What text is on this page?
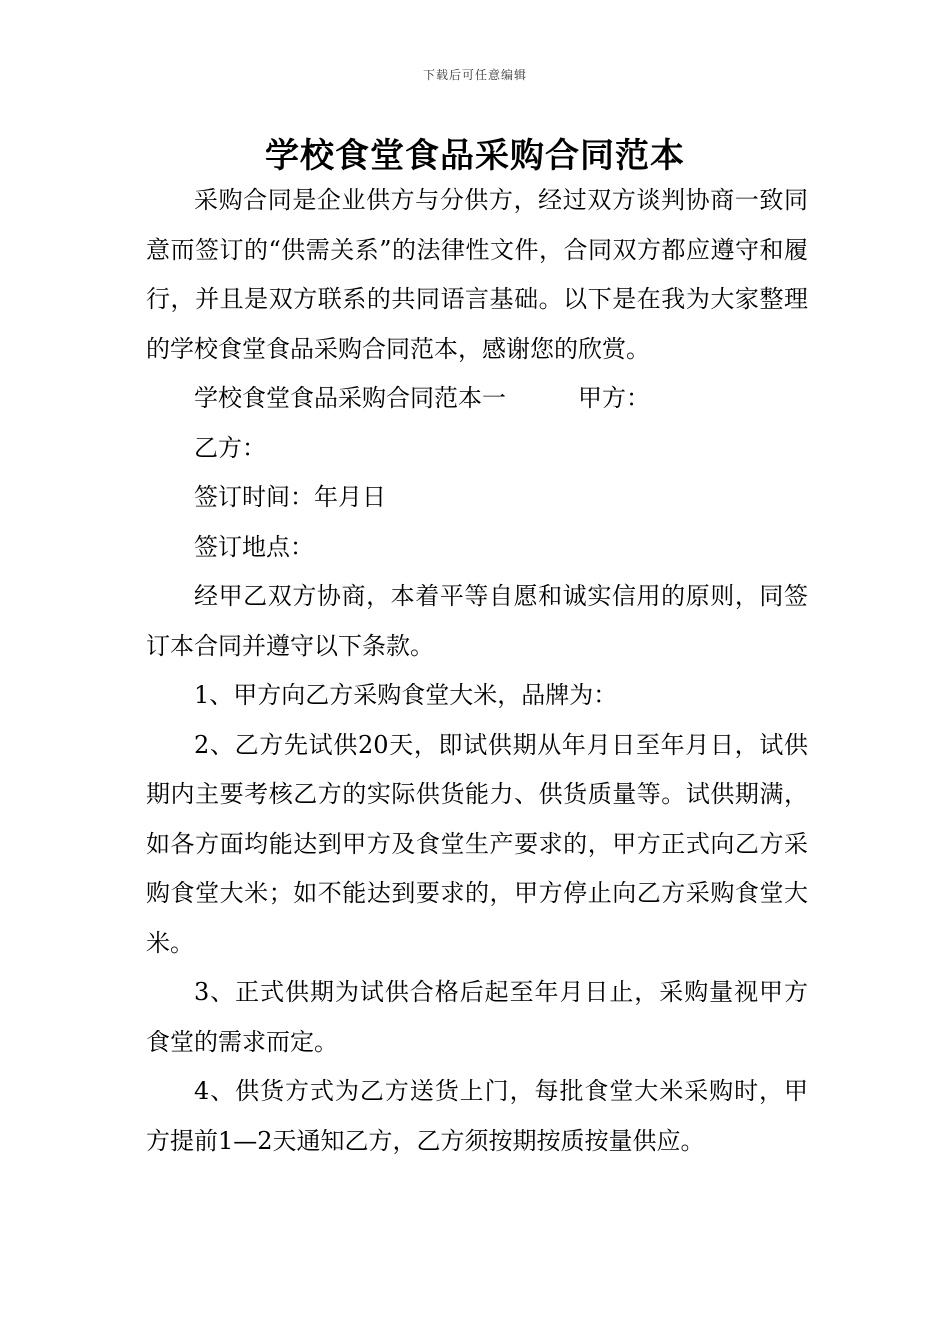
下载后可任意编辑
学校食堂食品采购合同范本

采购合同是企业供方与分供方，经过双方谈判协商一致同意而签订的“供需关系”的法律性文件，合同双方都应遵守和履行，并且是双方联系的共同语言基础。以下是在我为大家整理的学校食堂食品采购合同范本，感谢您的欣赏。

学校食堂食品采购合同范本一	甲方：

乙方：

签订时间：年月日

签订地点：

经甲乙双方协商，本着平等自愿和诚实信用的原则，同签订本合同并遵守以下条款。

1、甲方向乙方采购食堂大米，品牌为：

2、乙方先试供20天，即试供期从年月日至年月日，试供期内主要考核乙方的实际供货能力、供货质量等。试供期满，如各方面均能达到甲方及食堂生产要求的，甲方正式向乙方采购食堂大米；如不能达到要求的，甲方停止向乙方采购食堂大米。

3、正式供期为试供合格后起至年月日止，采购量视甲方食堂的需求而定。

4、供货方式为乙方送货上门，每批食堂大米采购时，甲方提前1—2天通知乙方，乙方须按期按质按量供应。
